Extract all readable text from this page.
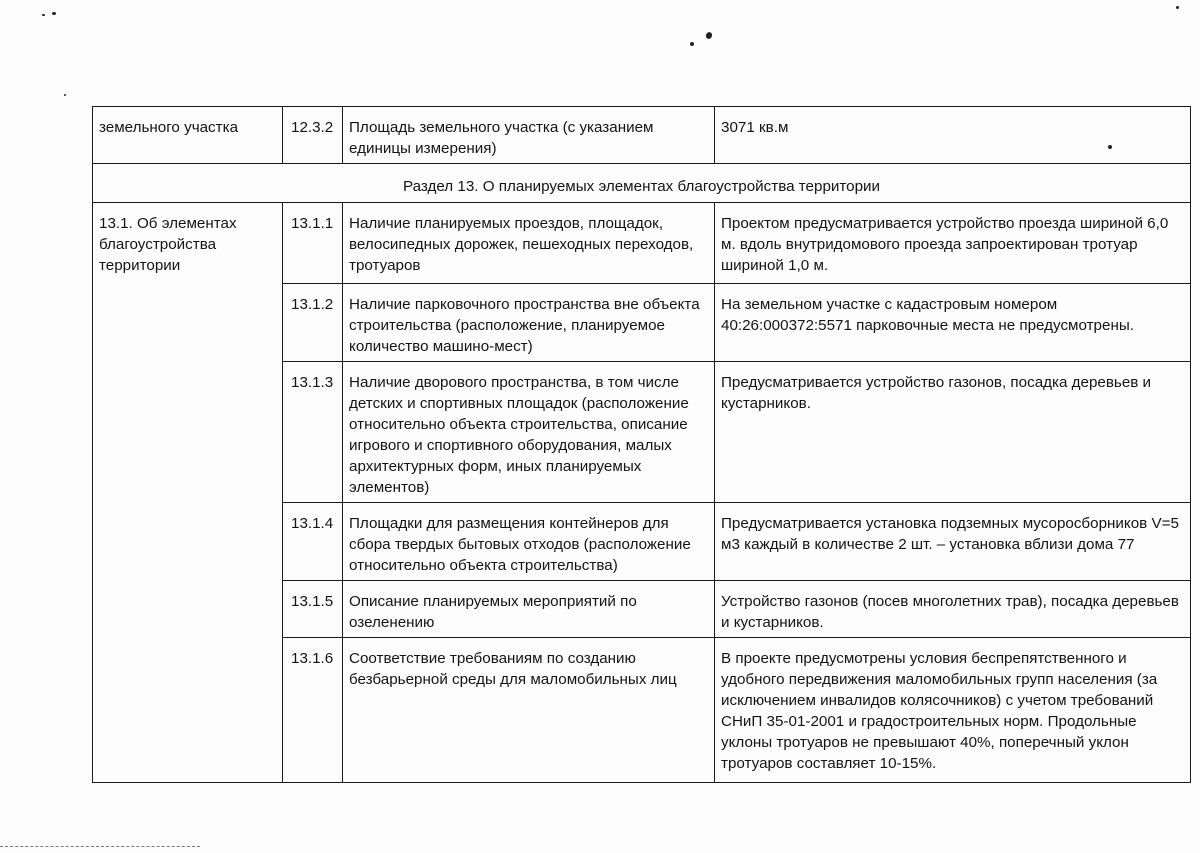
земельного участка	12.3.2	Площадь земельного участка (с указанием единицы измерения)	3071 кв.м
Раздел 13. О планируемых элементах благоустройства территории			
13.1. Об элементах благоустройства территории	13.1.1	Наличие планируемых проездов, площадок, велосипедных дорожек, пешеходных переходов, тротуаров	Проектом предусматривается устройство проезда шириной 6,0 м. вдоль внутридомового проезда запроектирован тротуар шириной 1,0 м.
	13.1.2	Наличие парковочного пространства вне объекта строительства (расположение, планируемое количество машино-мест)	На земельном участке с кадастровым номером 40:26:000372:5571 парковочные места не предусмотрены.
	13.1.3	Наличие дворового пространства, в том числе детских и спортивных площадок (расположение относительно объекта строительства, описание игрового и спортивного оборудования, малых архитектурных форм, иных планируемых элементов)	Предусматривается устройство газонов, посадка деревьев и кустарников.
	13.1.4	Площадки для размещения контейнеров для сбора твердых бытовых отходов (расположение относительно объекта строительства)	Предусматривается установка подземных мусоросборников V=5 м3 каждый в количестве 2 шт. – установка вблизи дома 77
	13.1.5	Описание планируемых мероприятий по озеленению	Устройство газонов (посев многолетних трав), посадка деревьев и кустарников.
	13.1.6	Соответствие требованиям по созданию безбарьерной среды для маломобильных лиц	В проекте предусмотрены условия беспрепятственного и удобного передвижения маломобильных групп населения (за исключением инвалидов колясочников) с учетом требований СНиП 35-01-2001 и градостроительных норм. Продольные уклоны тротуаров не превышают 40%, поперечный уклон тротуаров составляет 10-15%.
